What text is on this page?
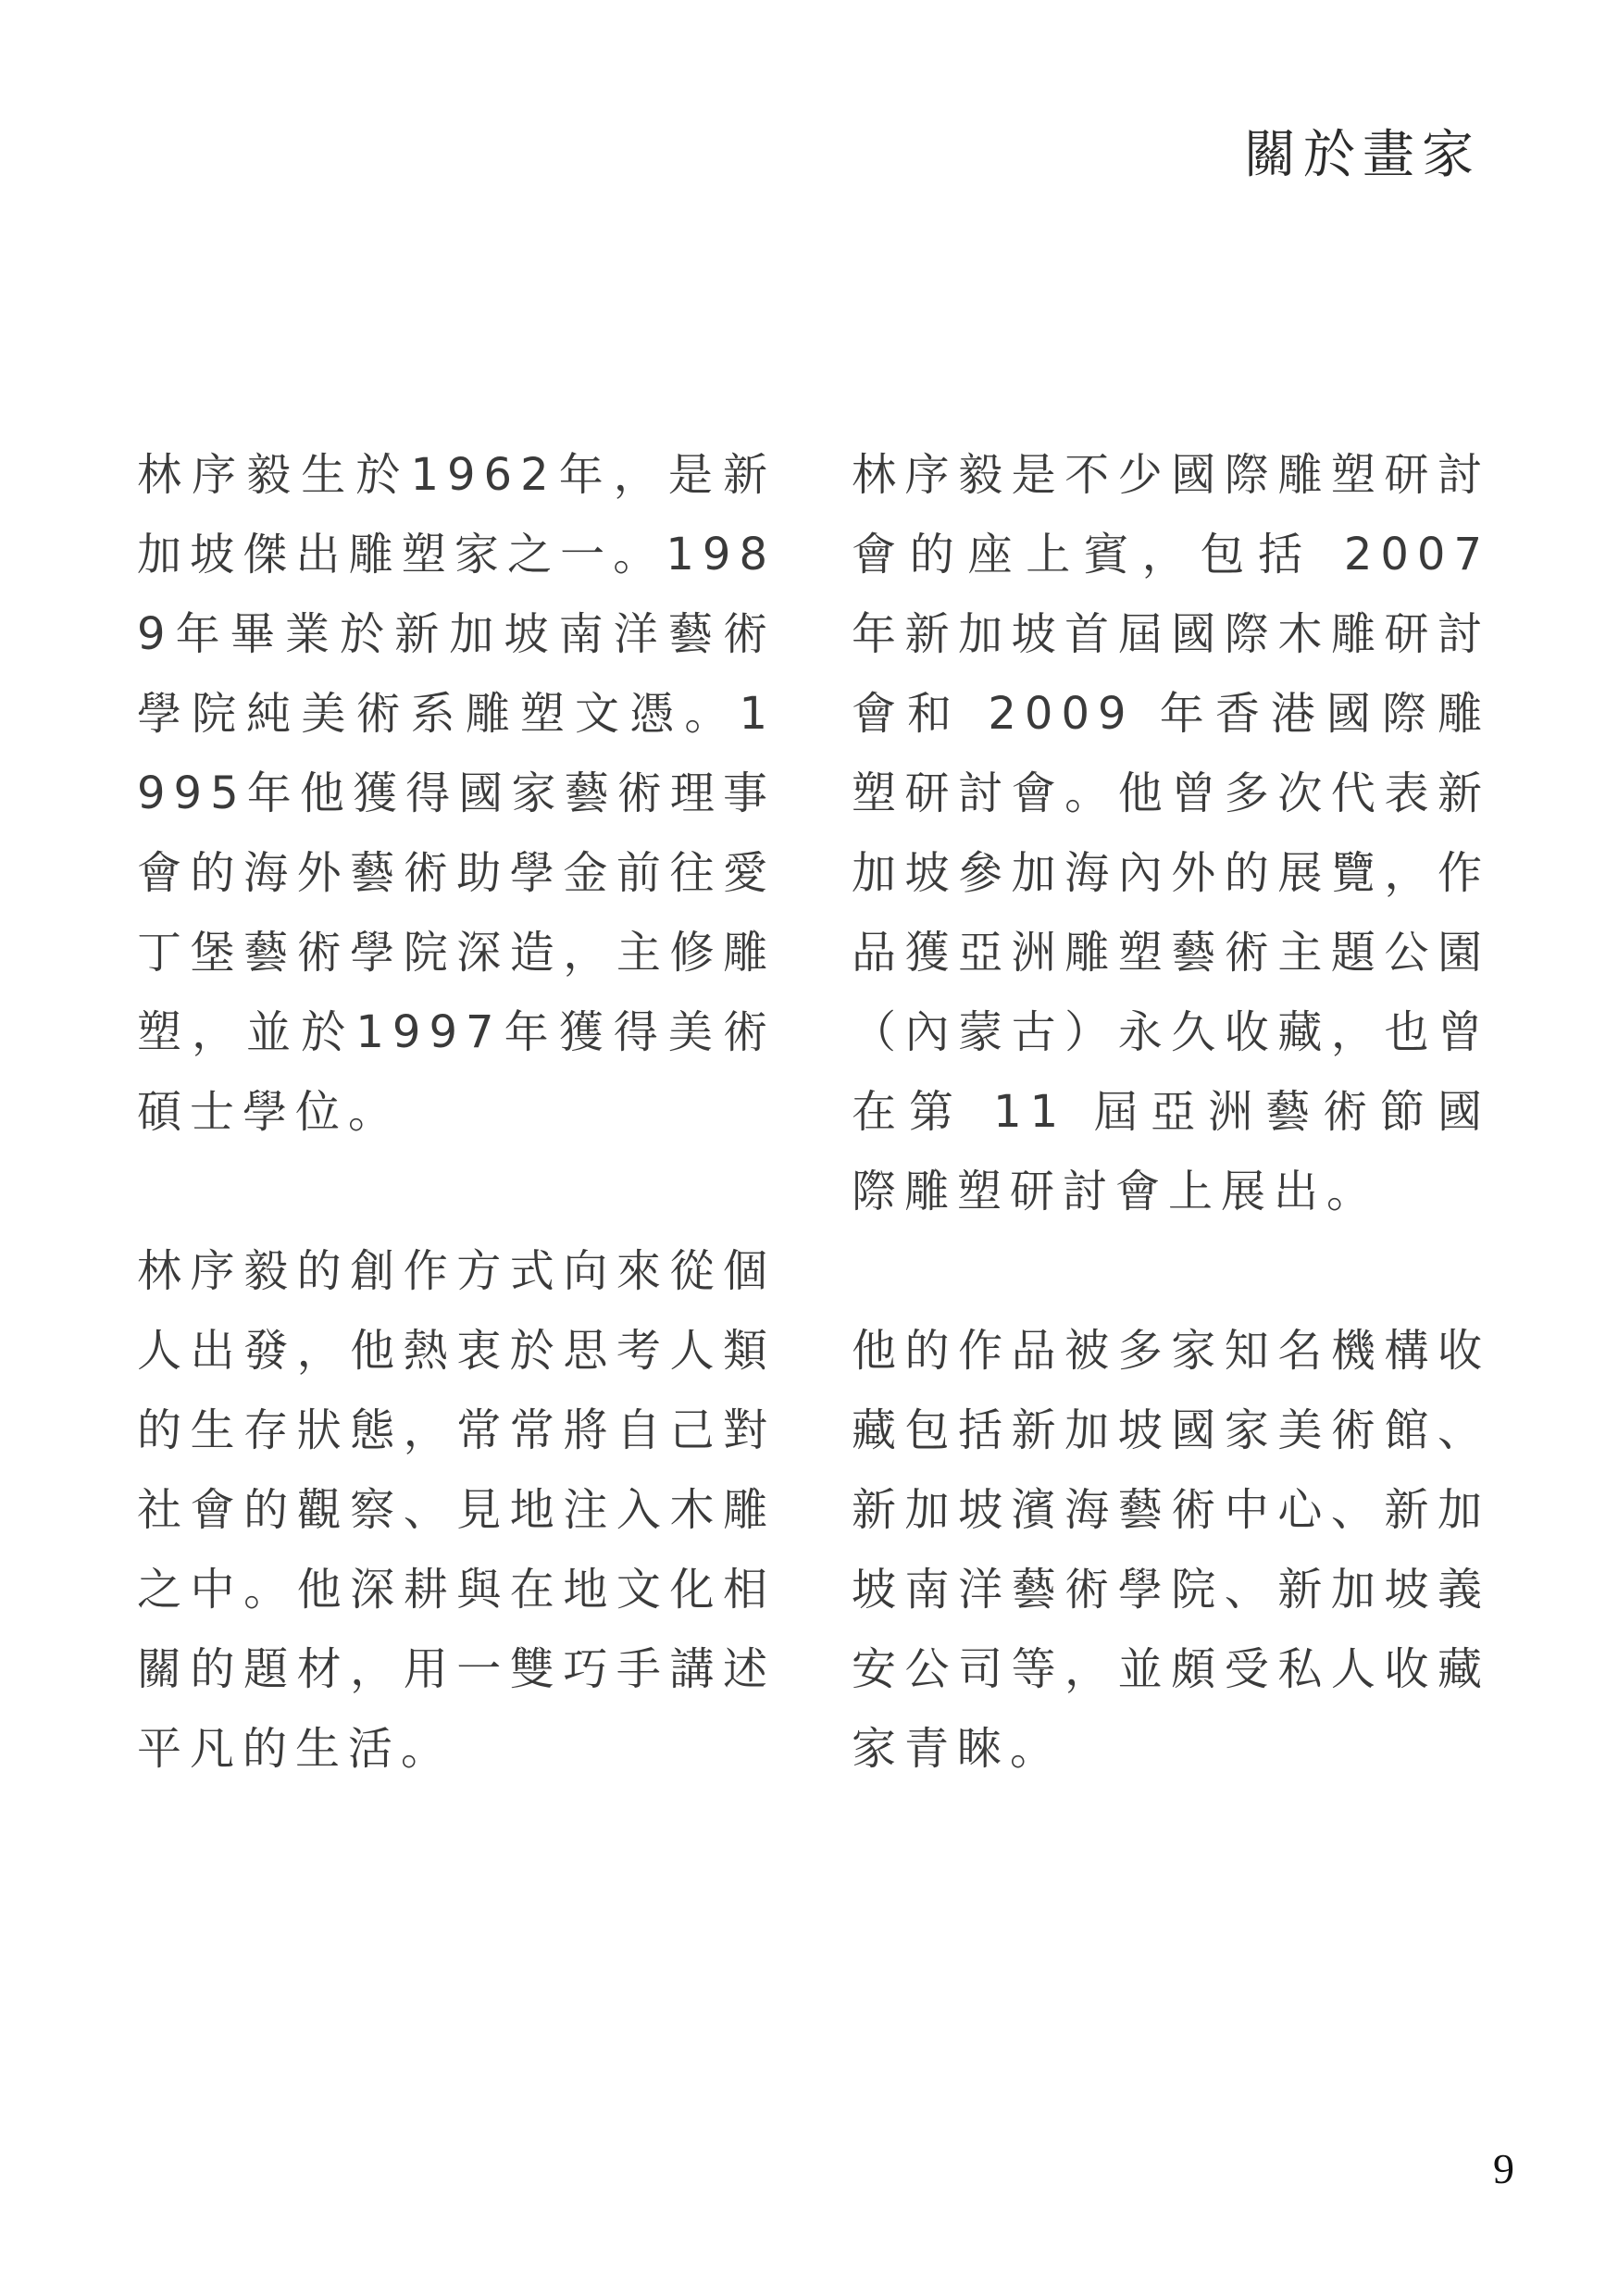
關於畫家

林序毅生於1962年，是新加坡傑出雕塑家之一。1989年畢業於新加坡南洋藝術學院純美術系雕塑文憑。1995年他獲得國家藝術理事會的海外藝術助學金前往愛丁堡藝術學院深造，主修雕塑，並於1997年獲得美術碩士學位。

林序毅的創作方式向來從個人出發，他熱衷於思考人類的生存狀態，常常將自己對社會的觀察、見地注入木雕之中。他深耕與在地文化相關的題材，用一雙巧手講述平凡的生活。

林序毅是不少國際雕塑研討會的座上賓，包括 2007 年新加坡首屆國際木雕研討會和 2009 年香港國際雕塑研討會。他曾多次代表新加坡參加海內外的展覽，作品獲亞洲雕塑藝術主題公園（內蒙古）永久收藏，也曾在第 11 屆亞洲藝術節國際雕塑研討會上展出。

他的作品被多家知名機構收藏包括新加坡國家美術館、新加坡濱海藝術中心、新加坡南洋藝術學院、新加坡義安公司等，並頗受私人收藏家青睞。

9
